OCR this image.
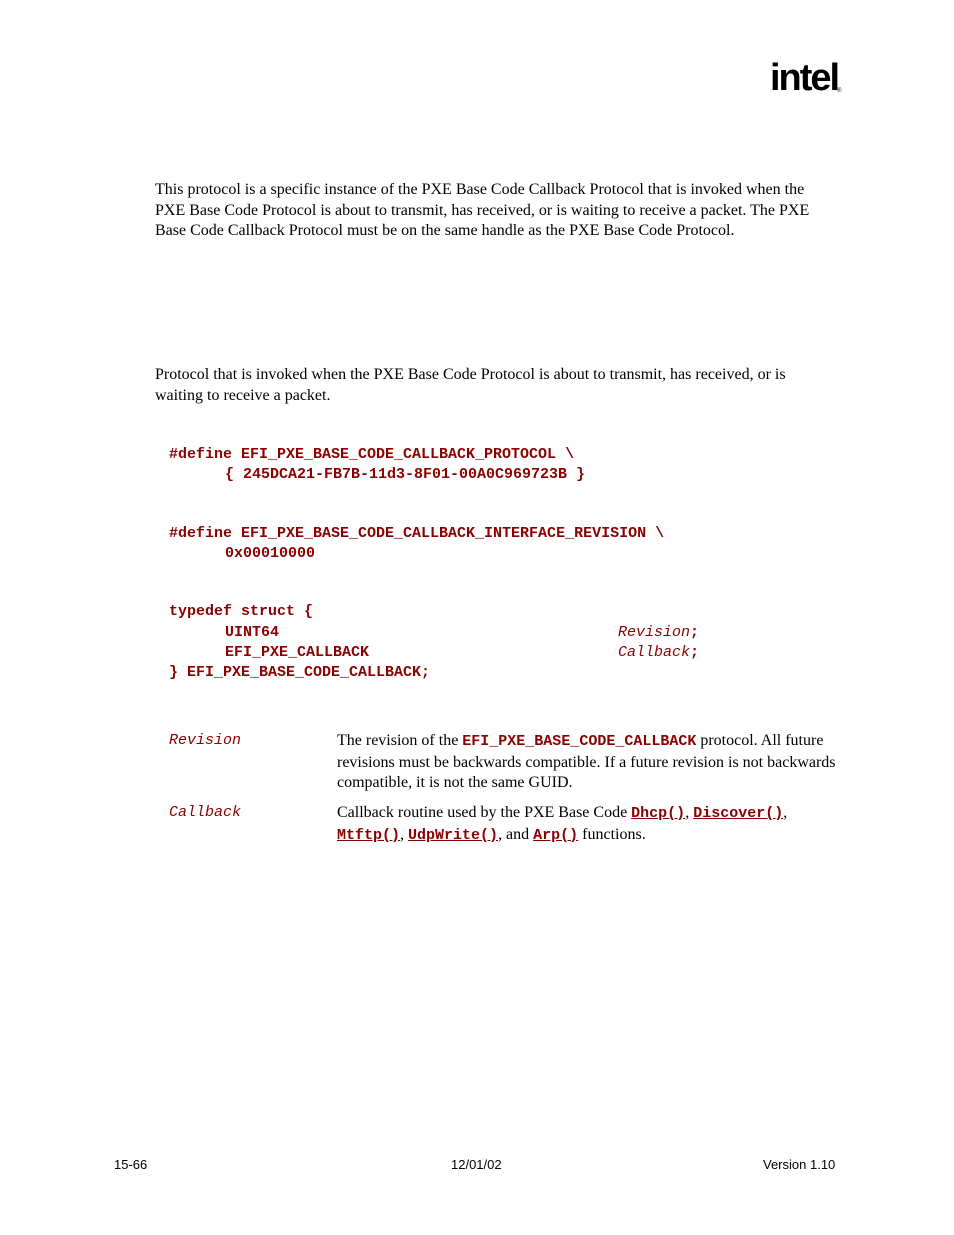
intel
®

This protocol is a specific instance of the PXE Base Code Callback Protocol that is invoked when the PXE Base Code Protocol is about to transmit, has received, or is waiting to receive a packet. The PXE Base Code Callback Protocol must be on the same handle as the PXE Base Code Protocol.

Protocol that is invoked when the PXE Base Code Protocol is about to transmit, has received, or is waiting to receive a packet.

#define EFI_PXE_BASE_CODE_CALLBACK_PROTOCOL \
{ 245DCA21-FB7B-11d3-8F01-00A0C969723B }
#define EFI_PXE_BASE_CODE_CALLBACK_INTERFACE_REVISION \
0x00010000
typedef struct {
UINT64	Revision;
EFI_PXE_CALLBACK	Callback;
} EFI_PXE_BASE_CODE_CALLBACK;
Revision	The revision of the EFI_PXE_BASE_CODE_CALLBACK protocol. All future revisions must be backwards compatible. If a future revision is not backwards compatible, it is not the same GUID.

Callback	Callback routine used by the PXE Base Code Dhcp(), Discover(),
Mtftp(), UdpWrite(), and Arp() functions.

15-66	12/01/02	Version 1.10
